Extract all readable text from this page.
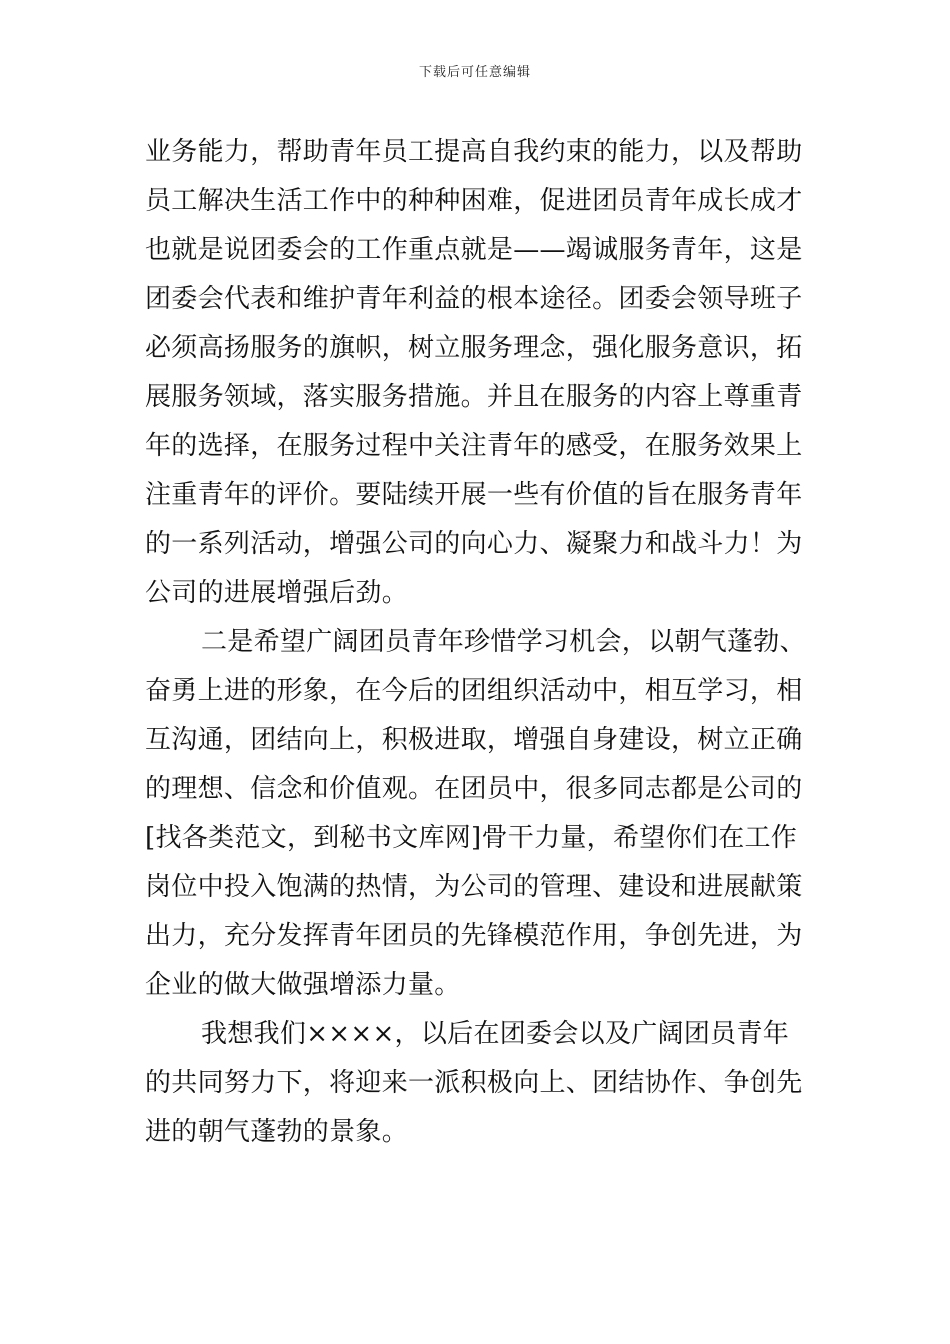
下载后可任意编辑
业务能力，帮助青年员工提高自我约束的能力，以及帮助
员工解决生活工作中的种种困难，促进团员青年成长成才
也就是说团委会的工作重点就是——竭诚服务青年，这是
团委会代表和维护青年利益的根本途径。团委会领导班子
必须高扬服务的旗帜，树立服务理念，强化服务意识，拓
展服务领域，落实服务措施。并且在服务的内容上尊重青
年的选择，在服务过程中关注青年的感受，在服务效果上
注重青年的评价。要陆续开展一些有价值的旨在服务青年
的一系列活动，增强公司的向心力、凝聚力和战斗力！为
公司的进展增强后劲。
二是希望广阔团员青年珍惜学习机会，以朝气蓬勃、
奋勇上进的形象，在今后的团组织活动中，相互学习，相
互沟通，团结向上，积极进取，增强自身建设，树立正确
的理想、信念和价值观。在团员中，很多同志都是公司的
[找各类范文，到秘书文库网]骨干力量，希望你们在工作
岗位中投入饱满的热情，为公司的管理、建设和进展献策
出力，充分发挥青年团员的先锋模范作用，争创先进，为
企业的做大做强增添力量。
我想我们××××，以后在团委会以及广阔团员青年
的共同努力下，将迎来一派积极向上、团结协作、争创先
进的朝气蓬勃的景象。
